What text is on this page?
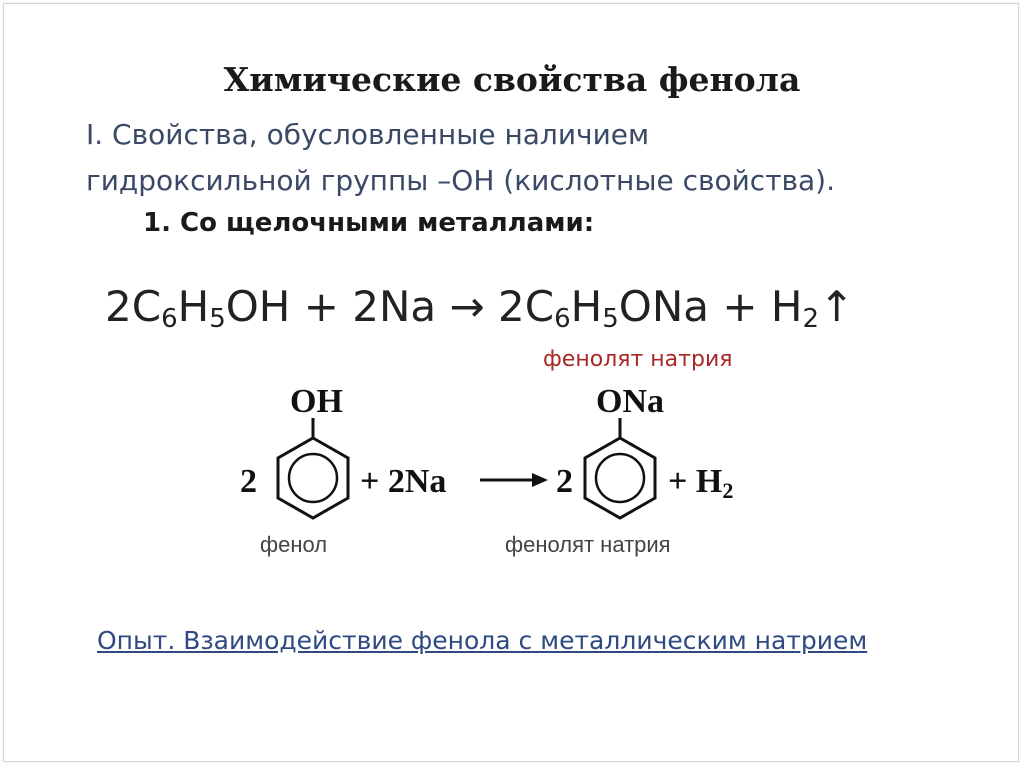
Химические свойства фенола
I. Свойства, обусловленные наличием
гидроксильной группы –ОН (кислотные свойства).
1. Со щелочными металлами:
$2C_6H_5OH + 2Na \to 2C_6H_5ONa$ + $H_2↑$
фенолят натрия
OH
2	+ 2Na
ONa
2	+ H2
фенол	фенолят натрия
Опыт. Взаимодействие фенола с металлическим натрием
